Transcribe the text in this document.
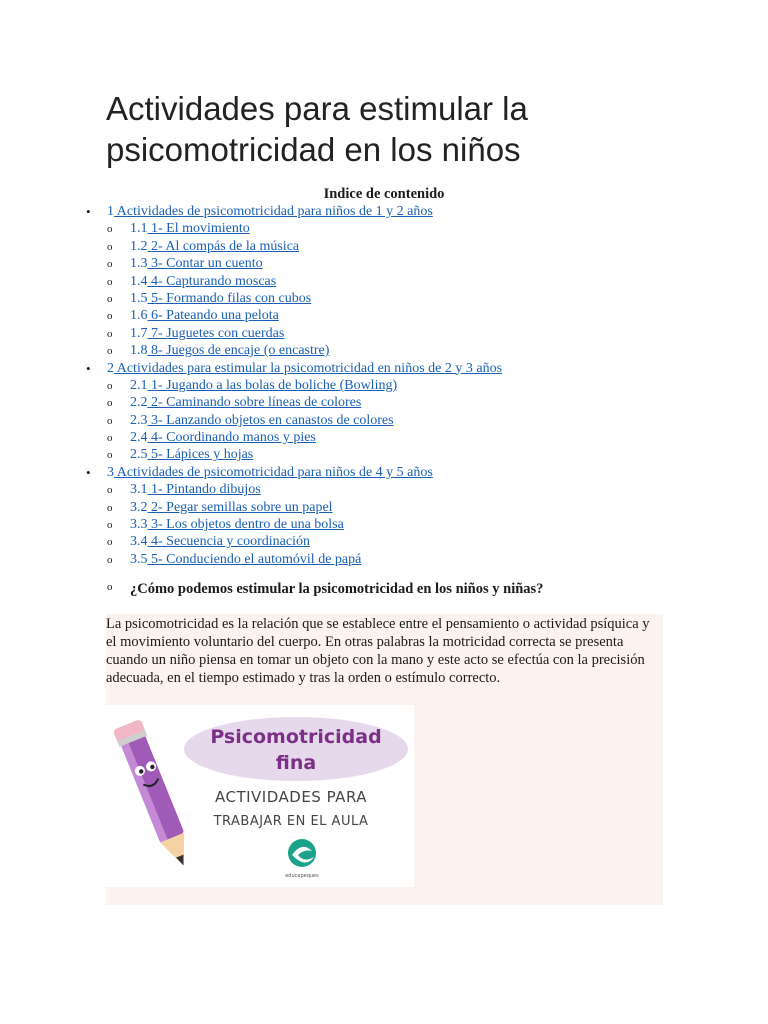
Actividades para estimular la psicomotricidad en los niños
Indice de contenido
• 1 Actividades de psicomotricidad para niños de 1 y 2 años
o 1.1 1- El movimiento
o 1.2 2- Al compás de la música
o 1.3 3- Contar un cuento
o 1.4 4- Capturando moscas
o 1.5 5- Formando filas con cubos
o 1.6 6- Pateando una pelota
o 1.7 7- Juguetes con cuerdas
o 1.8 8- Juegos de encaje (o encastre)
• 2 Actividades para estimular la psicomotricidad en niños de 2 y 3 años
o 2.1 1- Jugando a las bolas de boliche (Bowling)
o 2.2 2- Caminando sobre líneas de colores
o 2.3 3- Lanzando objetos en canastos de colores
o 2.4 4- Coordinando manos y pies
o 2.5 5- Lápices y hojas
• 3 Actividades de psicomotricidad para niños de 4 y 5 años
o 3.1 1- Pintando dibujos
o 3.2 2- Pegar semillas sobre un papel
o 3.3 3- Los objetos dentro de una bolsa
o 3.4 4- Secuencia y coordinación
o 3.5 5- Conduciendo el automóvil de papá
o ¿Cómo podemos estimular la psicomotricidad en los niños y niñas?

La psicomotricidad es la relación que se establece entre el pensamiento o actividad psíquica y el movimiento voluntario del cuerpo. En otras palabras la motricidad correcta se presenta cuando un niño piensa en tomar un objeto con la mano y este acto se efectúa con la precisión adecuada, en el tiempo estimado y tras la orden o estímulo correcto.

Psicomotricidad
fina
ACTIVIDADES PARA
TRABAJAR EN EL AULA
educapeques
